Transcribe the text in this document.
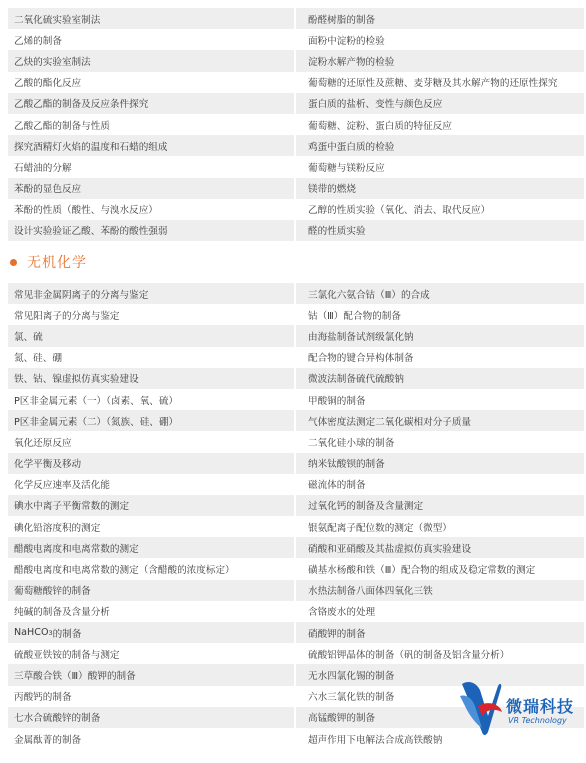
二氧化硫实验室制法	酚醛树脂的制备
乙烯的制备	面粉中淀粉的检验
乙炔的实验室制法	淀粉水解产物的检验
乙酸的酯化反应	葡萄糖的还原性及蔗糖、麦芽糖及其水解产物的还原性探究
乙酸乙酯的制备及反应条件探究	蛋白质的盐析、变性与颜色反应
乙酸乙酯的制备与性质	葡萄糖、淀粉、蛋白质的特征反应
探究酒精灯火焰的温度和石蜡的组成	鸡蛋中蛋白质的检验
石蜡油的分解	葡萄糖与镁粉反应
苯酚的显色反应	镁带的燃烧
苯酚的性质（酸性、与溴水反应）	乙醇的性质实验（氧化、消去、取代反应）
设计实验验证乙酸、苯酚的酸性强弱	醛的性质实验
无机化学
常见非金属阴离子的分离与鉴定	三氯化六氨合钴（Ⅲ）的合成
常见阳离子的分离与鉴定	钴（Ⅲ）配合物的制备
氯、硫	由海盐制备试剂级氯化钠
氮、硅、硼	配合物的键合异构体制备
铁、钴、镍虚拟仿真实验建设	微波法制备硫代硫酸钠
P区非金属元素（一）（卤素、氧、硫）	甲酸铜的制备
P区非金属元素（二）（氮族、硅、硼）	气体密度法测定二氧化碳相对分子质量
氧化还原反应	二氧化硅小球的制备
化学平衡及移动	纳米钛酸钡的制备
化学反应速率及活化能	磁流体的制备
碘水中离子平衡常数的测定	过氧化钙的制备及含量测定
碘化铅溶度积的测定	银氨配离子配位数的测定（微型）
醋酸电离度和电离常数的测定	硝酸和亚硝酸及其盐虚拟仿真实验建设
醋酸电离度和电离常数的测定（含醋酸的浓度标定）	磺基水杨酸和铁（Ⅲ）配合物的组成及稳定常数的测定
葡萄糖酸锌的制备	水热法制备八面体四氧化三铁
纯碱的制备及含量分析	含铬废水的处理
NaHCO 3 的制备	硝酸钾的制备
硫酸亚铁铵的制备与测定	硫酸铝钾晶体的制备（矾的制备及铝含量分析）
三草酸合铁（Ⅲ）酸钾的制备	无水四氯化锡的制备
丙酸钙的制备	六水三氯化铁的制备
七水合硫酸锌的制备	高锰酸钾的制备
金属酞菁的制备	超声作用下电解法合成高铁酸钠
微瑞科技
VR Technology
